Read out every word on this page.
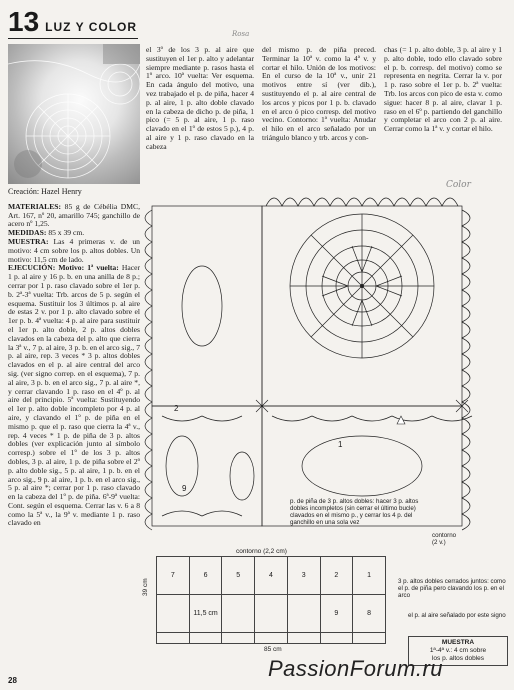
13 LUZ Y COLOR	Rosa

Creación: Hazel Henry

MATERIALES: 85 g de Cébélia DMC, Art. 167, nº 20, amarillo 745; ganchillo de acero nº 1,25.

MEDIDAS: 85 x 39 cm.

MUESTRA: Las 4 primeras v. de un motivo: 4 cm sobre los p. altos dobles. Un motivo: 11,5 cm de lado.

EJECUCIÓN: Motivo: 1ª vuelta: Hacer 1 p. al aire y 16 p. b. en una anilla de 8 p.; cerrar por 1 p. raso clavado sobre el 1er p. b. 2ª-3ª vuelta: Trb. arcos de 5 p. según el esquema. Sustituir los 3 últimos p. al aire de estas 2 v. por 1 p. alto clavado sobre el 1er p. b. 4ª vuelta: 4 p. al aire para sustituir el 1er p. alto doble, 2 p. altos dobles clavados en la cabeza del p. alto que cierra la 3ª v., 7 p. al aire, 3 p. b. en el arco sig., 7 p. al aire, rep. 3 veces * 3 p. altos dobles clavados en el p. al aire central del arco sig. (ver signo correp. en el esquema), 7 p. al aire, 3 p. b. en el arco sig., 7 p. al aire *, y cerrar clavando 1 p. raso en el 4º p. al aire del principio. 5ª vuelta: Sustituyendo el 1er p. alto doble incompleto por 4 p. al aire, y clavando el 1º p. de piña en el mismo p. que el p. raso que cierra la 4ª v., rep. 4 veces * 1 p. de piña de 3 p. altos dobles (ver explicación junto al símbolo corresp.) sobre el 1º de los 3 p. altos dobles, 3 p. al aire, 1 p. de piña sobre el 2º p. alto doble sig., 5 p. al aire, 1 p. b. en el arco sig., 9 p. al aire, 1 p. b. en el arco sig., 5 p. al aire *; cerrar por 1 p. raso clavado en la cabeza del 1º p. de piña. 6ª-9ª vuelta: Cont. según el esquema. Cerrar las v. 6 a 8 como la 5ª v., la 9ª v. mediante 1 p. raso clavado en

el 3º de los 3 p. al aire que sustituyen el 1er p. alto y adelantar siempre mediante p. rasos hasta el 1º arco. 10ª vuelta: Ver esquema. En cada ángulo del motivo, una vez trabajado el p. de piña, hacer 4 p. al aire, 1 p. alto doble clavado en la cabeza de dicho p. de piña, 1 pico (= 5 p. al aire, 1 p. raso clavado en el 1º de estos 5 p.), 4 p. al aire y 1 p. raso clavado en la cabeza
del mismo p. de piña preced. Terminar la 10ª v. como la 4ª v. y cortar el hilo. Unión de los motivos: En el curso de la 10ª v., unir 21 motivos entre sí (ver dib.), sustituyendo el p. al aire central de los arcos y picos por 1 p. b. clavado en el arco ó pico corresp. del motivo vecino. Contorno: 1ª vuelta: Anudar el hilo en el arco señalado por un triángulo blanco y trb. arcos y con-
chas (= 1 p. alto doble, 3 p. al aire y 1 p. alto doble, todo ello clavado sobre el p. b. corresp. del motivo) como se representa en negrita. Cerrar la v. por 1 p. raso sobre el 1er p. b. 2ª vuelta: Trb. los arcos con pico de esta v. como sigue: hacer 8 p. al aire, clavar 1 p. raso en el 6º p. partiendo del ganchillo y completar el arco con 2 p. al aire. Cerrar como la 1ª v. y cortar el hilo.
1
2
9
Color
contorno
(2 v.)
p. de piña de 3 p. altos dobles: hacer 3 p. altos dobles incompletos (sin cerrar el último bucle) clavados en el mismo p., y cerrar los 4 p. del ganchillo en una sola vez
3 p. altos dobles cerrados juntos: como el p. de piña pero clavando los p. en el arco
el p. al aire señalado por este signo
contorno (2,2 cm)
7	6	5	4	3	2	1
	11,5 cm				9	8

39 cm
85 cm
MUESTRA
1ª-4ª v.: 4 cm sobre
los p. altos dobles
28	PassionForum.ru
